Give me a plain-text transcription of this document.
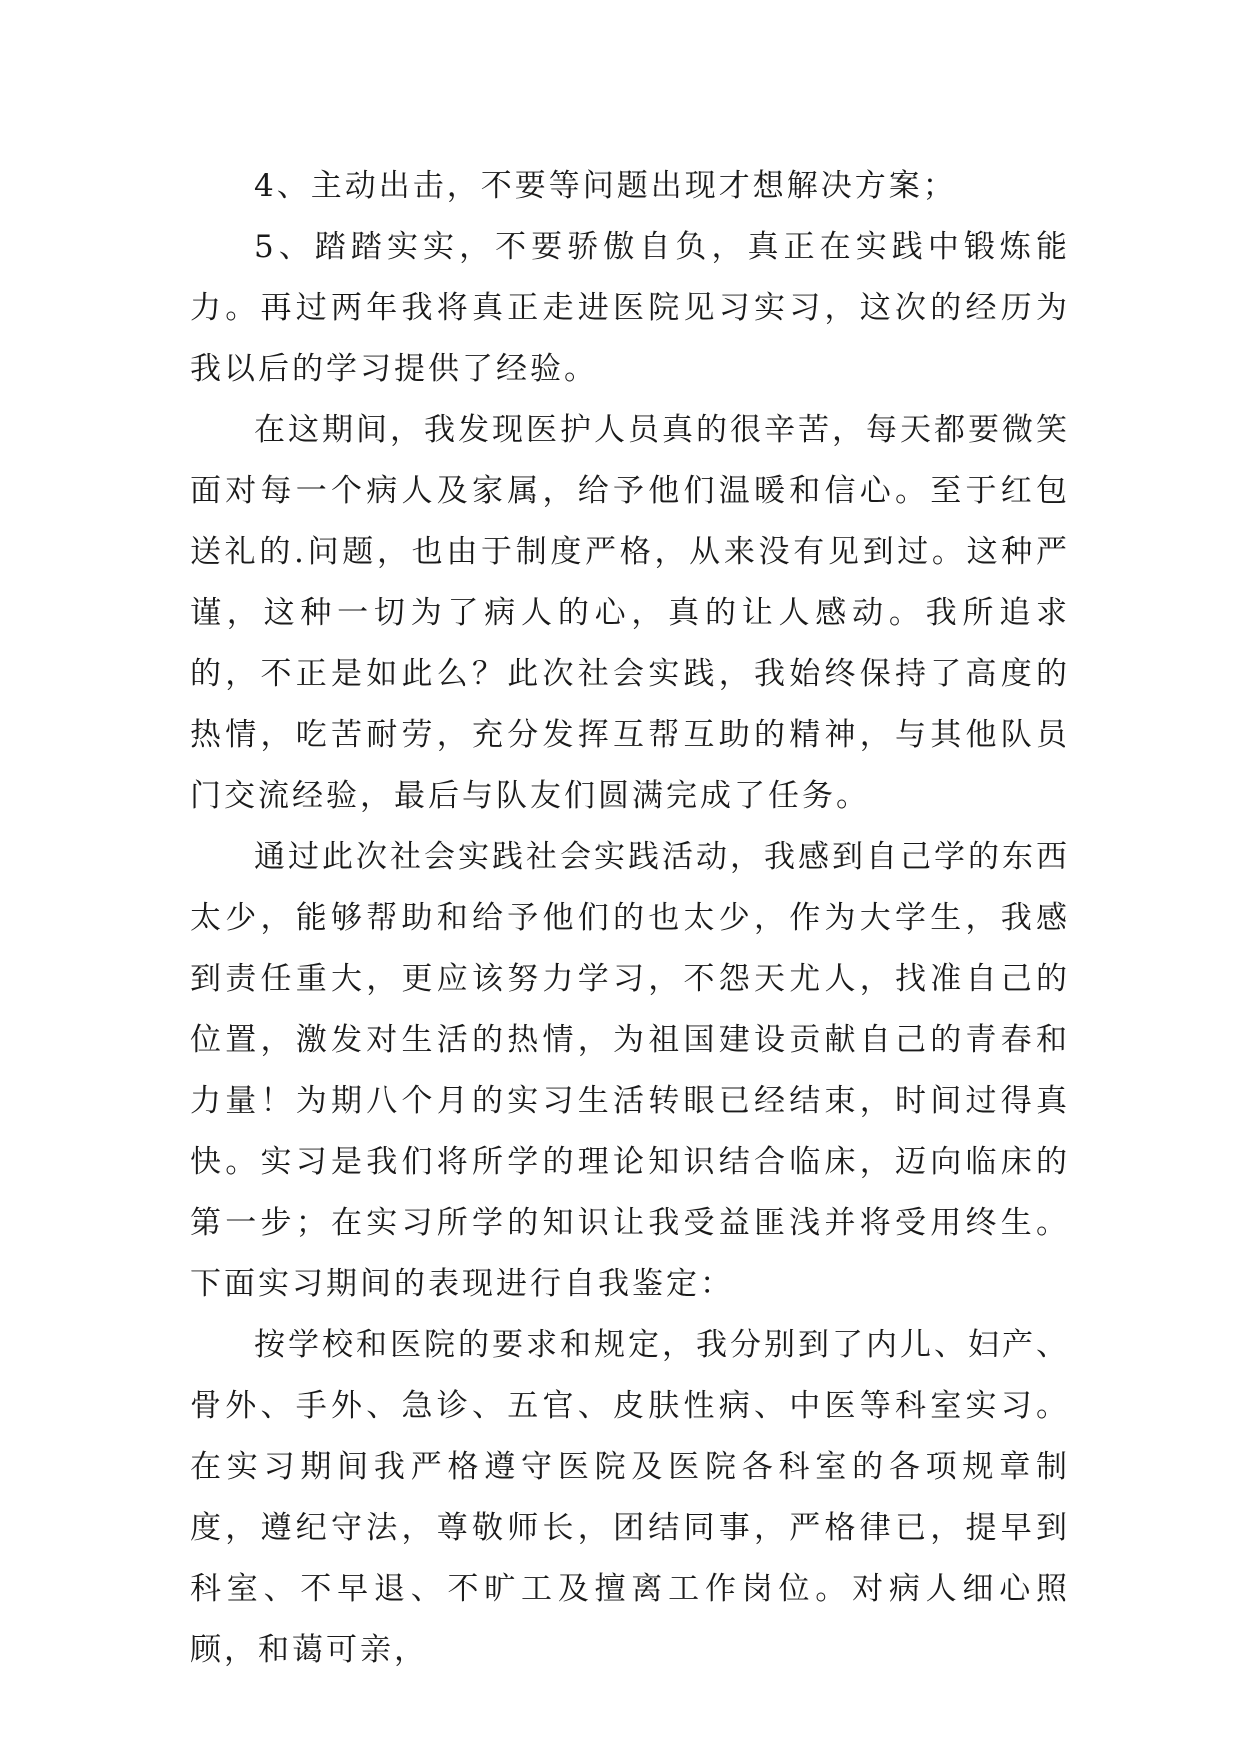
4、主动出击，不要等问题出现才想解决方案；

5、踏踏实实，不要骄傲自负，真正在实践中锻炼能力。再过两年我将真正走进医院见习实习，这次的经历为我以后的学习提供了经验。

在这期间，我发现医护人员真的很辛苦，每天都要微笑面对每一个病人及家属，给予他们温暖和信心。至于红包送礼的.问题，也由于制度严格，从来没有见到过。这种严谨，这种一切为了病人的心，真的让人感动。我所追求的，不正是如此么？此次社会实践，我始终保持了高度的热情，吃苦耐劳，充分发挥互帮互助的精神，与其他队员门交流经验，最后与队友们圆满完成了任务。

通过此次社会实践社会实践活动，我感到自己学的东西太少，能够帮助和给予他们的也太少，作为大学生，我感到责任重大，更应该努力学习，不怨天尤人，找准自己的位置，激发对生活的热情，为祖国建设贡献自己的青春和力量！为期八个月的实习生活转眼已经结束，时间过得真快。实习是我们将所学的理论知识结合临床，迈向临床的第一步；在实习所学的知识让我受益匪浅并将受用终生。下面实习期间的表现进行自我鉴定：

按学校和医院的要求和规定，我分别到了内儿、妇产、骨外、手外、急诊、五官、皮肤性病、中医等科室实习。在实习期间我严格遵守医院及医院各科室的各项规章制度，遵纪守法，尊敬师长，团结同事，严格律已，提早到科室、不早退、不旷工及擅离工作岗位。对病人细心照顾，和蔼可亲，
